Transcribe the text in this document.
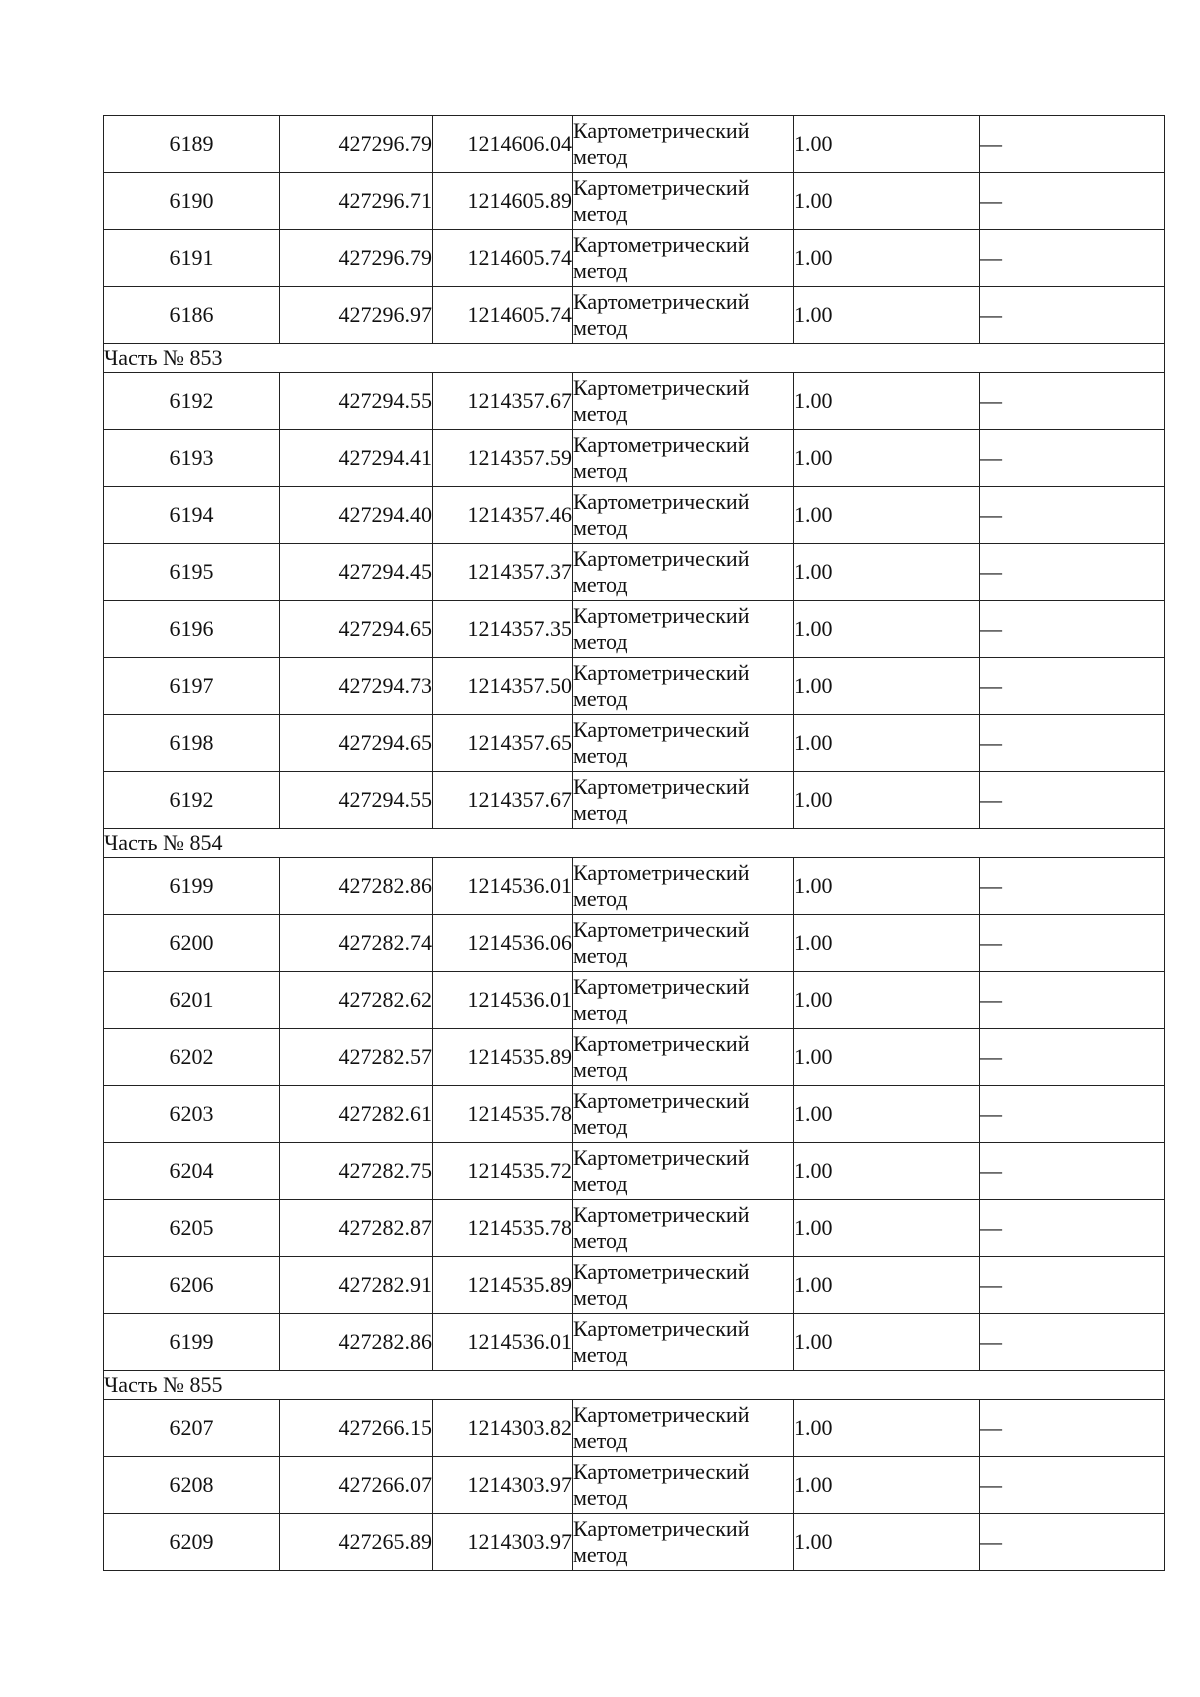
6189	427296.79	1214606.04	Картометрический
метод	1.00	—
6190	427296.71	1214605.89	Картометрический
метод	1.00	—
6191	427296.79	1214605.74	Картометрический
метод	1.00	—
6186	427296.97	1214605.74	Картометрический
метод	1.00	—
Часть № 853					
6192	427294.55	1214357.67	Картометрический
метод	1.00	—
6193	427294.41	1214357.59	Картометрический
метод	1.00	—
6194	427294.40	1214357.46	Картометрический
метод	1.00	—
6195	427294.45	1214357.37	Картометрический
метод	1.00	—
6196	427294.65	1214357.35	Картометрический
метод	1.00	—
6197	427294.73	1214357.50	Картометрический
метод	1.00	—
6198	427294.65	1214357.65	Картометрический
метод	1.00	—
6192	427294.55	1214357.67	Картометрический
метод	1.00	—
Часть № 854					
6199	427282.86	1214536.01	Картометрический
метод	1.00	—
6200	427282.74	1214536.06	Картометрический
метод	1.00	—
6201	427282.62	1214536.01	Картометрический
метод	1.00	—
6202	427282.57	1214535.89	Картометрический
метод	1.00	—
6203	427282.61	1214535.78	Картометрический
метод	1.00	—
6204	427282.75	1214535.72	Картометрический
метод	1.00	—
6205	427282.87	1214535.78	Картометрический
метод	1.00	—
6206	427282.91	1214535.89	Картометрический
метод	1.00	—
6199	427282.86	1214536.01	Картометрический
метод	1.00	—
Часть № 855					
6207	427266.15	1214303.82	Картометрический
метод	1.00	—
6208	427266.07	1214303.97	Картометрический
метод	1.00	—
6209	427265.89	1214303.97	Картометрический
метод	1.00	—
